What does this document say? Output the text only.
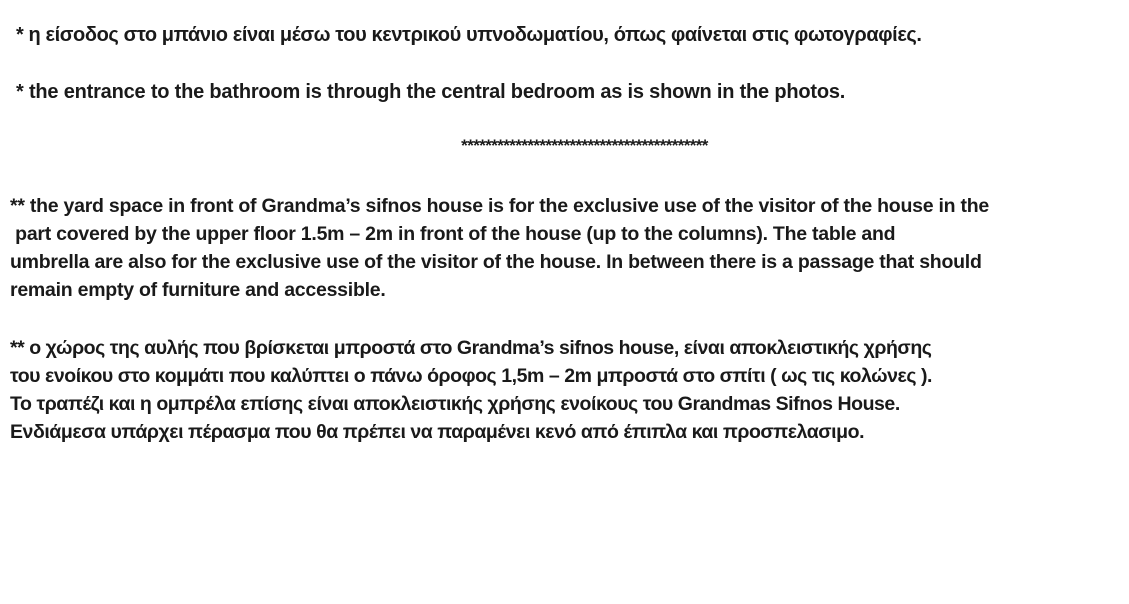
* η είσοδος στο μπάνιο είναι μέσω του κεντρικού υπνοδωματίου, όπως φαίνεται στις φωτογραφίες.
* the entrance to the bathroom is through the central bedroom as is shown in the photos.
*****************************************
** the yard space in front of Grandma’s sifnos house is for the exclusive use of the visitor of the house in the
part covered by the upper floor 1.5m – 2m in front of the house (up to the columns). The table and
umbrella are also for the exclusive use of the visitor of the house. In between there is a passage that should
remain empty of furniture and accessible.
** ο χώρος της αυλής που βρίσκεται μπροστά στο Grandma’s sifnos house, είναι αποκλειστικής χρήσης
του ενοίκου στο κομμάτι που καλύπτει ο πάνω όροφος 1,5m – 2m μπροστά στο σπίτι ( ως τις κολώνες ).
Το τραπέζι και η ομπρέλα επίσης είναι αποκλειστικής χρήσης ενοίκους του Grandmas Sifnos House.
Ενδιάμεσα υπάρχει πέρασμα που θα πρέπει να παραμένει κενό από έπιπλα και προσπελασιμο.
